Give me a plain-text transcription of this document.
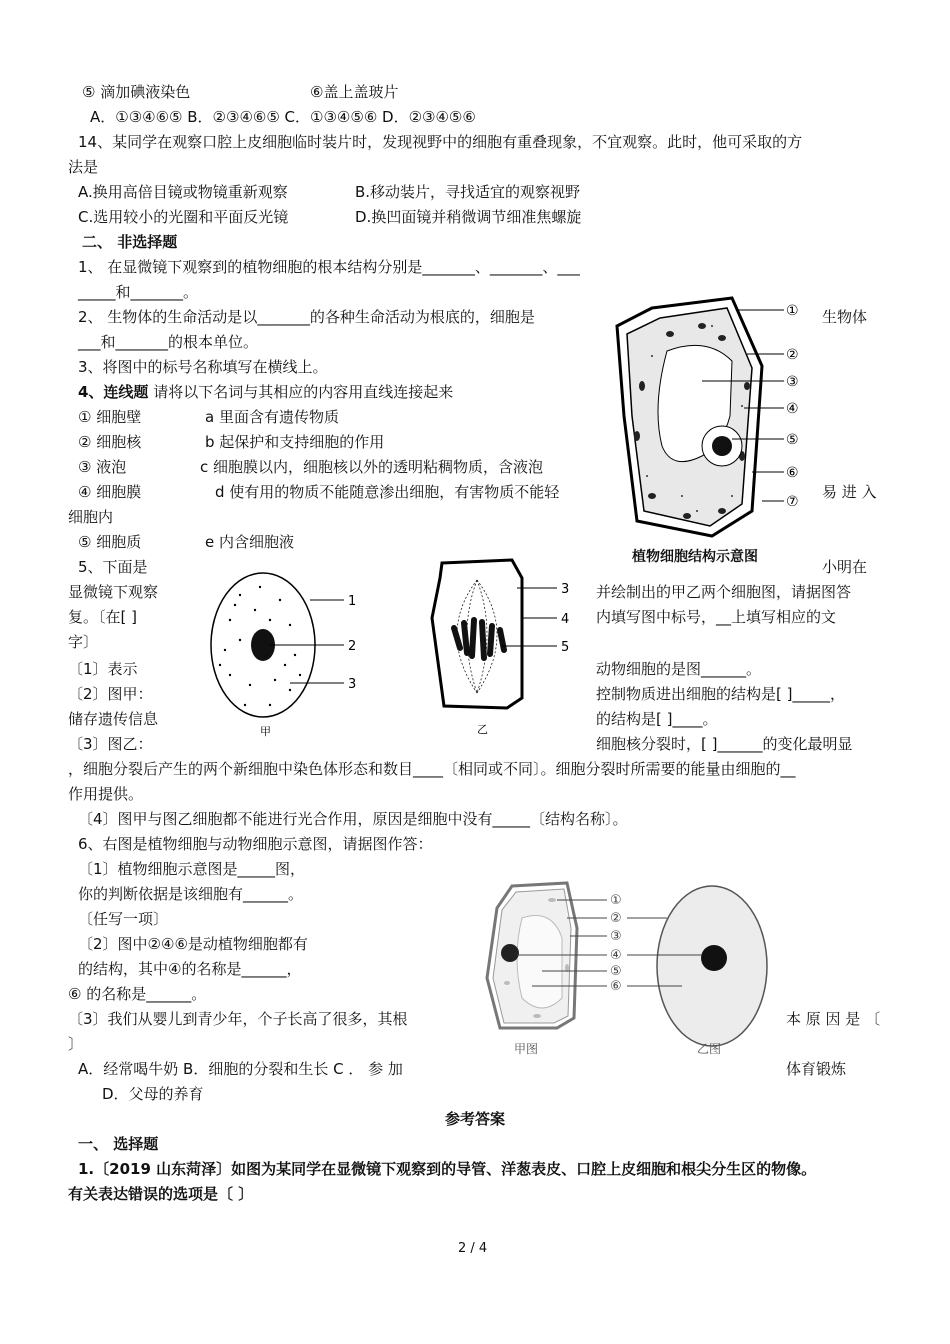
⑤ 滴加碘液染色	⑥盖上盖玻片
A．①③④⑥⑤ B．②③④⑥⑤ C．①③④⑤⑥ D．②③④⑤⑥
14、某同学在观察口腔上皮细胞临时装片时，发现视野中的细胞有重叠现象，不宜观察。此时，他可采取的方
法是
A.换用高倍目镜或物镜重新观察	B.移动装片，寻找适宜的观察视野
C.选用较小的光圈和平面反光镜	D.换凹面镜并稍微调节细准焦螺旋
二、 非选择题
1、 在显微镜下观察到的植物细胞的根本结构分别是_______、_______、___
_____和_______。
2、 生物体的生命活动是以_______的各种生命活动为根底的，细胞是	生物体
___和_______的根本单位。
3、将图中的标号名称填写在横线上。
4、连线题 请将以下名词与其相应的内容用直线连接起来
① 细胞壁	a 里面含有遗传物质
② 细胞核	b 起保护和支持细胞的作用
③ 液泡	c 细胞膜以内，细胞核以外的透明粘稠物质，含液泡
④ 细胞膜	d 使有用的物质不能随意渗出细胞，有害物质不能轻	易 进 入
细胞内
⑤ 细胞质	e 内含细胞液
①
②
③
④
⑤
⑥
⑦
植物细胞结构示意图
5、下面是	小明在
显微镜下观察	并绘制出的甲乙两个细胞图，请据图答
复。〔在[ ]	内填写图中标号，__上填写相应的文
字〕
〔1〕表示	动物细胞的是图______。
〔2〕图甲：	控制物质进出细胞的结构是[ ]_____，
储存遗传信息	的结构是[ ]____。
〔3〕图乙：	细胞核分裂时，[ ]______的变化最明显
，细胞分裂后产生的两个新细胞中染色体形态和数目____〔相同或不同〕。细胞分裂时所需要的能量由细胞的__
作用提供。
〔4〕图甲与图乙细胞都不能进行光合作用，原因是细胞中没有_____〔结构名称〕。
1
2
3
甲
3
4
5
乙
6、右图是植物细胞与动物细胞示意图，请据图作答：
〔1〕植物细胞示意图是_____图，
你的判断依据是该细胞有______。
〔任写一项〕
〔2〕图中②④⑥是动植物细胞都有
的结构，其中④的名称是______，
⑥ 的名称是______。
〔3〕我们从婴儿到青少年，个子长高了很多，其根	本 原 因 是 〔
〕
A．经常喝牛奶 B．细胞的分裂和生长 C ． 参 加	体育锻炼
D．父母的养育
①
②
③
④
⑤
⑥
甲图	乙图
参考答案
一、 选择题
1.〔2019 山东菏泽〕如图为某同学在显微镜下观察到的导管、洋葱表皮、口腔上皮细胞和根尖分生区的物像。
有关表达错误的选项是〔 〕
2 / 4
